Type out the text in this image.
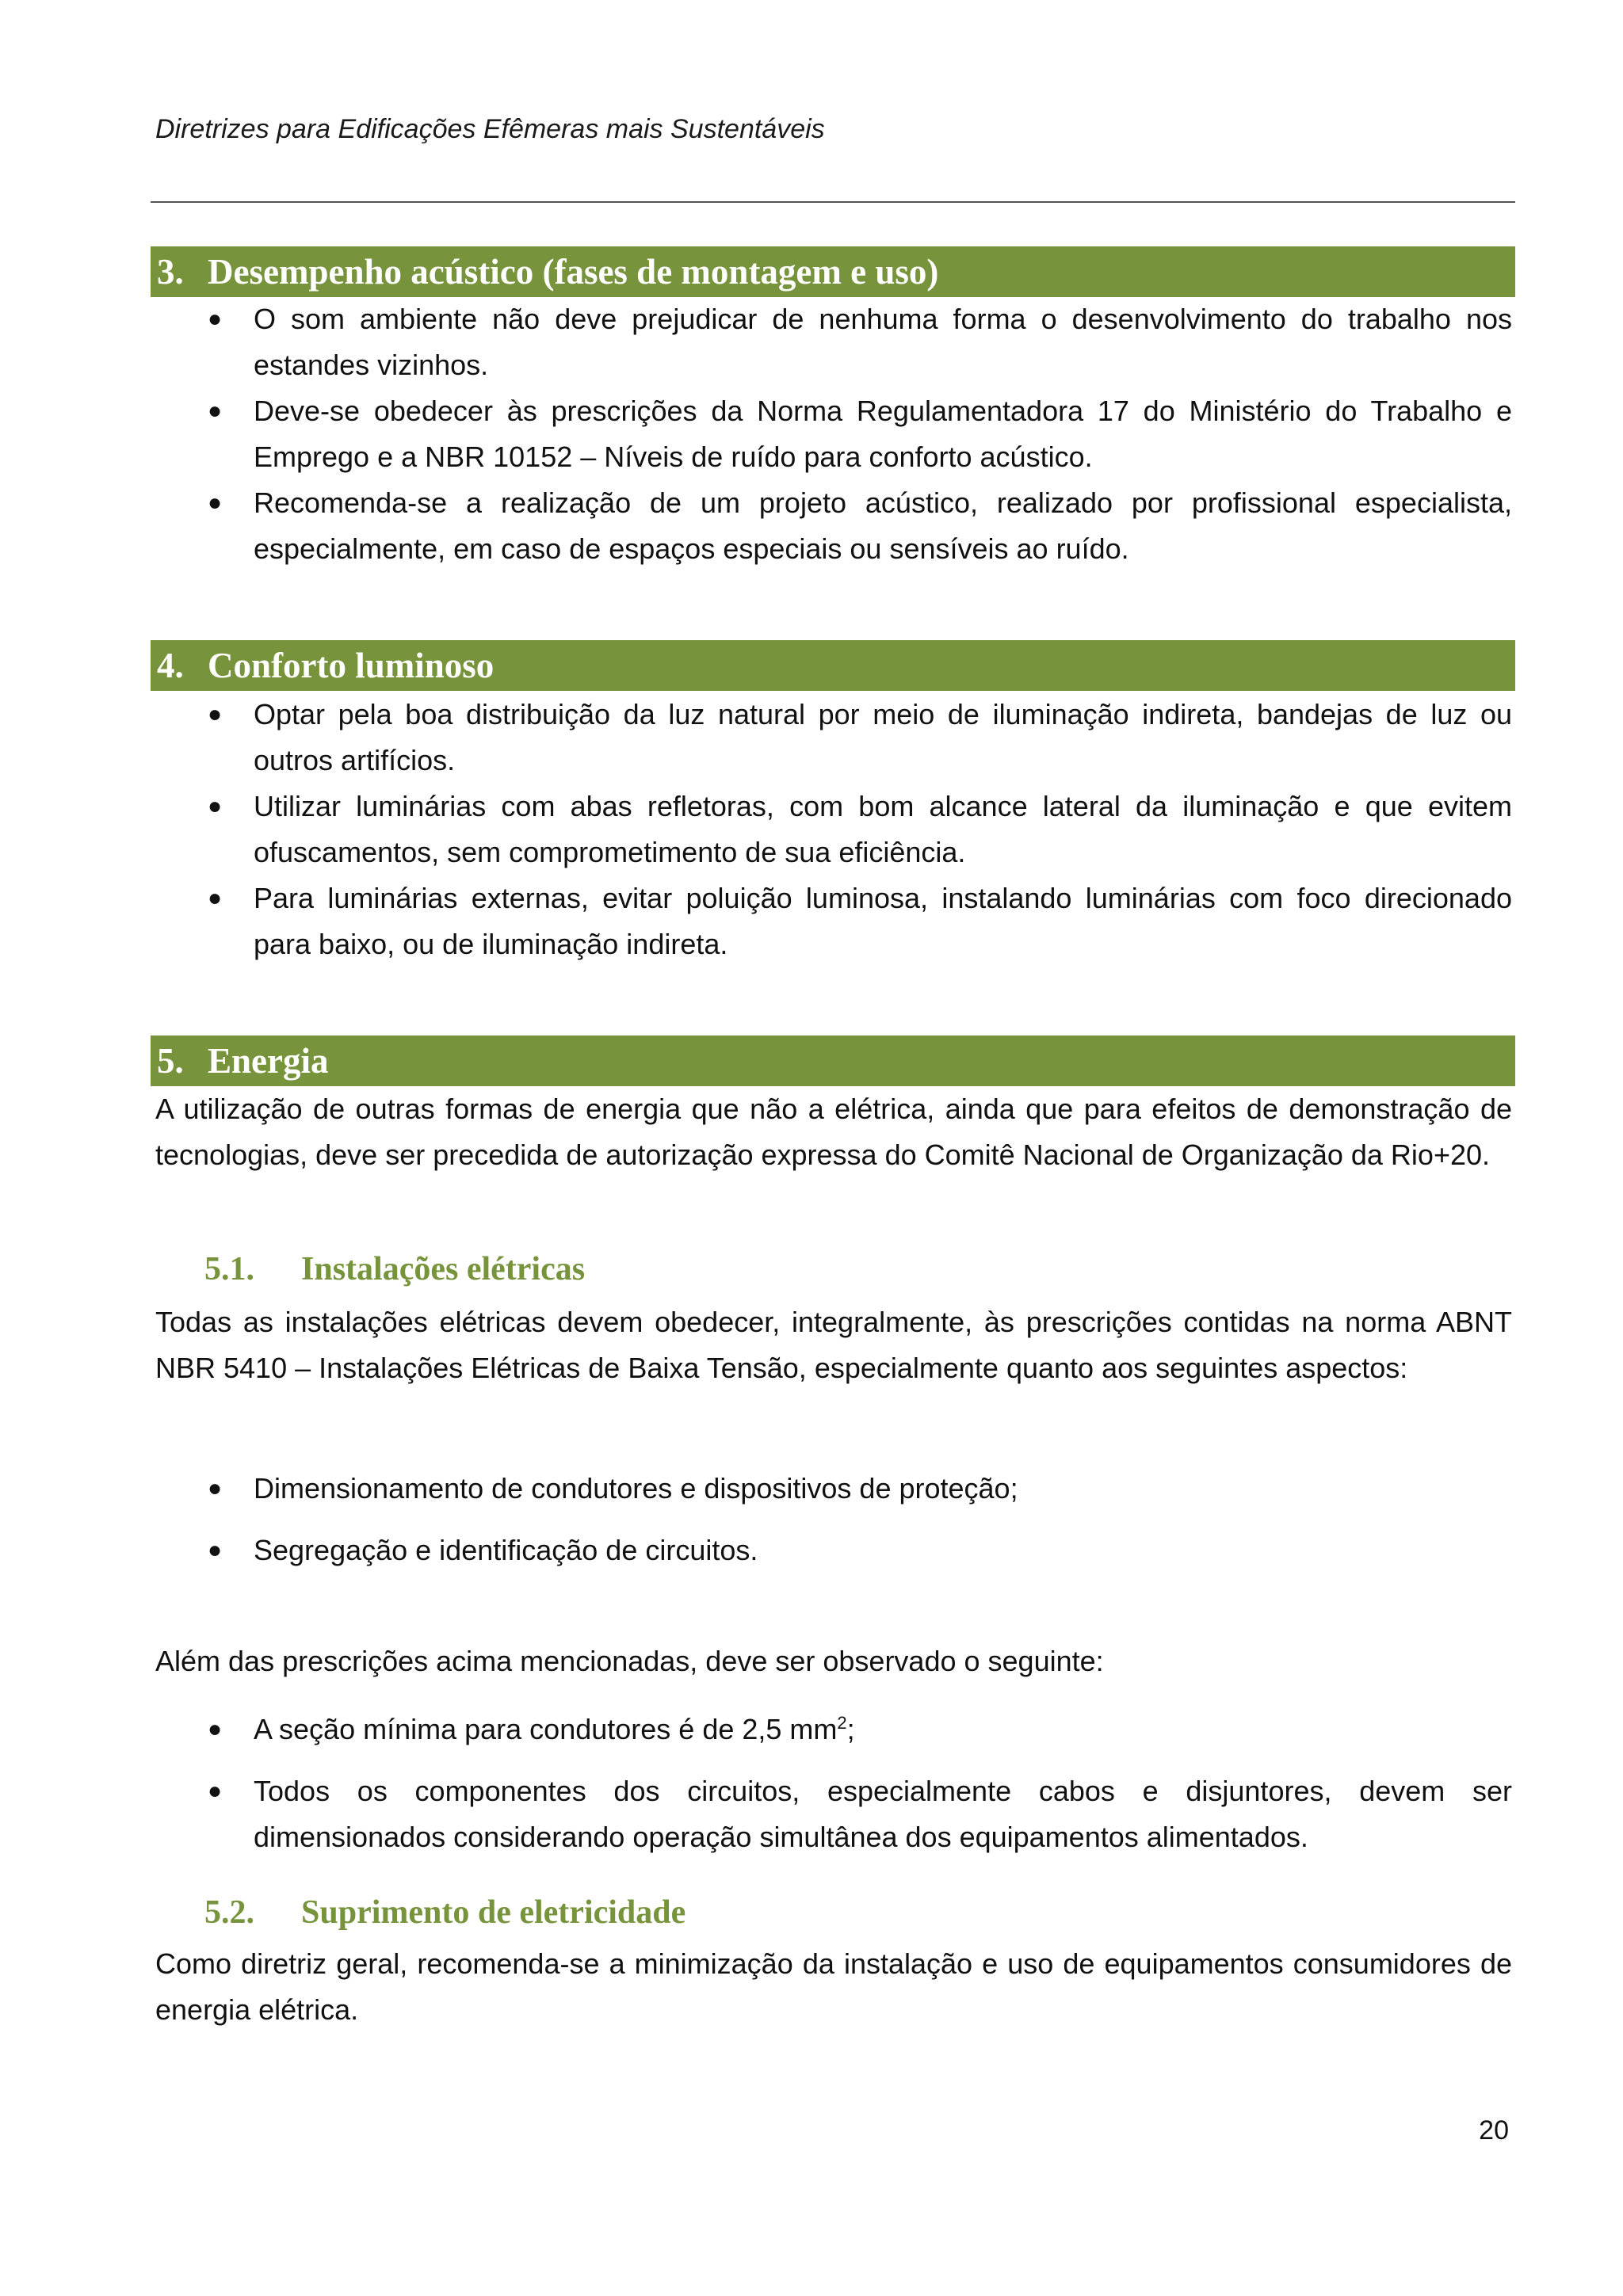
Diretrizes para Edificações Efêmeras mais Sustentáveis
3. Desempenho acústico (fases de montagem e uso)
● O som ambiente não deve prejudicar de nenhuma forma o desenvolvimento do trabalho nos estandes vizinhos.
● Deve-se obedecer às prescrições da Norma Regulamentadora 17 do Ministério do Trabalho e Emprego e a NBR 10152 – Níveis de ruído para conforto acústico.
● Recomenda-se a realização de um projeto acústico, realizado por profissional especialista, especialmente, em caso de espaços especiais ou sensíveis ao ruído.
4. Conforto luminoso
● Optar pela boa distribuição da luz natural por meio de iluminação indireta, bandejas de luz ou outros artifícios.
● Utilizar luminárias com abas refletoras, com bom alcance lateral da iluminação e que evitem ofuscamentos, sem comprometimento de sua eficiência.
● Para luminárias externas, evitar poluição luminosa, instalando luminárias com foco direcionado para baixo, ou de iluminação indireta.
5. Energia

A utilização de outras formas de energia que não a elétrica, ainda que para efeitos de demonstração de tecnologias, deve ser precedida de autorização expressa do Comitê Nacional de Organização da Rio+20.

5.1. Instalações elétricas

Todas as instalações elétricas devem obedecer, integralmente, às prescrições contidas na norma ABNT NBR 5410 – Instalações Elétricas de Baixa Tensão, especialmente quanto aos seguintes aspectos:

● Dimensionamento de condutores e dispositivos de proteção;
● Segregação e identificação de circuitos.

Além das prescrições acima mencionadas, deve ser observado o seguinte:

● A seção mínima para condutores é de 2,5 $mm^2$;
● Todos os componentes dos circuitos, especialmente cabos e disjuntores, devem ser dimensionados considerando operação simultânea dos equipamentos alimentados.
5.2. Suprimento de eletricidade

Como diretriz geral, recomenda-se a minimização da instalação e uso de equipamentos consumidores de energia elétrica.

20
